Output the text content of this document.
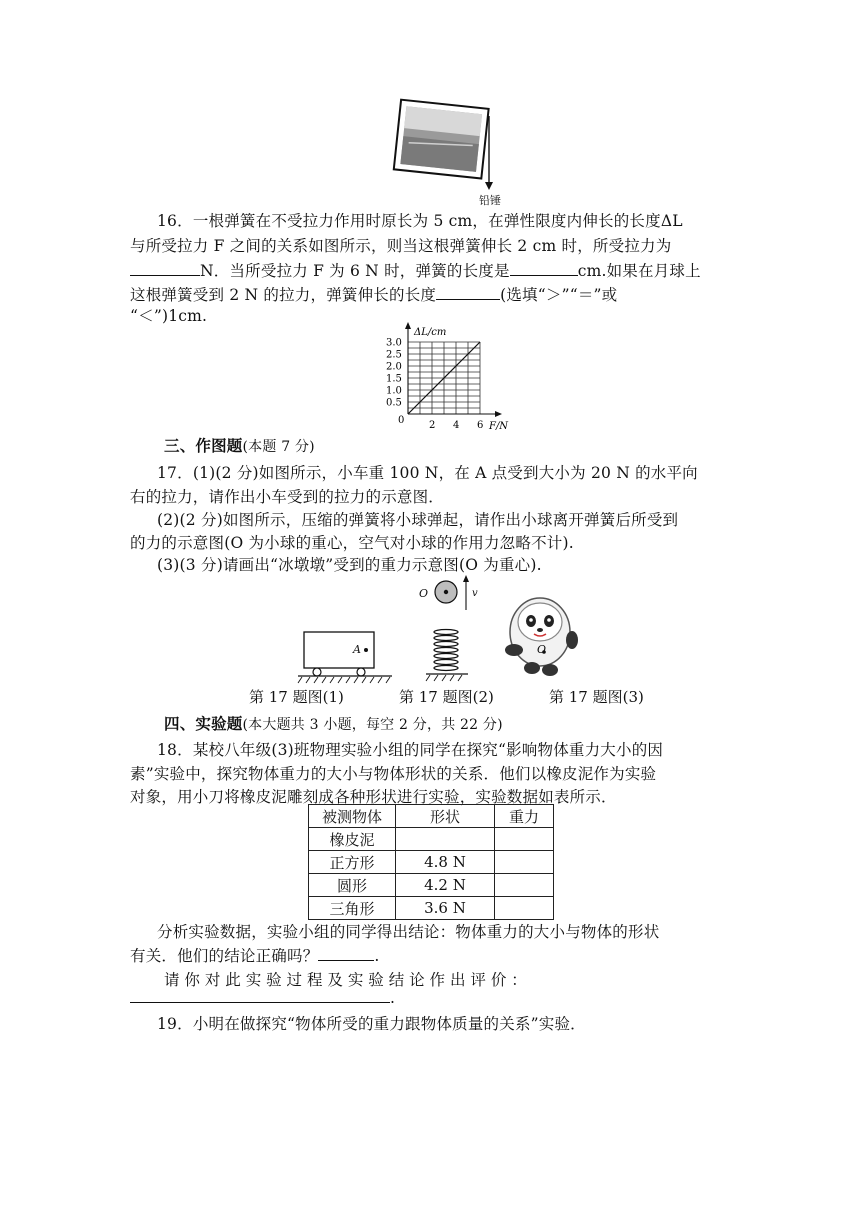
铅锤
16．一根弹簧在不受拉力作用时原长为 5 cm，在弹性限度内伸长的长度ΔL
与所受拉力 F 之间的关系如图所示，则当这根弹簧伸长 2 cm 时，所受拉力为
N．当所受拉力 F 为 6 N 时，弹簧的长度是	cm.如果在月球上
这根弹簧受到 2 N 的拉力，弹簧伸长的长度	(选填“＞”“＝”或
“＜”)1cm.
F/N
ΔL/cm
0 2 4 6
0.5
1.0
1.5
2.0
2.5
3.0
三、作图题(本题 7 分)
17．(1)(2 分)如图所示，小车重 100 N，在 A 点受到大小为 20 N 的水平向
右的拉力，请作出小车受到的拉力的示意图．
(2)(2 分)如图所示，压缩的弹簧将小球弹起，请作出小球离开弹簧后所受到
的力的示意图(O 为小球的重心，空气对小球的作用力忽略不计).
(3)(3 分)请画出“冰墩墩”受到的重力示意图(O 为重心).
A
O	v
O
第 17 题图(1)	第 17 题图(2)	第 17 题图(3)
四、实验题(本大题共 3 小题，每空 2 分，共 22 分)
18．某校八年级(3)班物理实验小组的同学在探究“影响物体重力大小的因
素”实验中，探究物体重力的大小与物体形状的关系．他们以橡皮泥作为实验
对象，用小刀将橡皮泥雕刻成各种形状进行实验，实验数据如表所示．
被测物体	形状	重力
橡皮泥		
正方形	4.8 N	
圆形	4.2 N	
三角形	3.6 N	
分析实验数据，实验小组的同学得出结论：物体重力的大小与物体的形状
有关．他们的结论正确吗？	.
请 你 对 此 实 验 过 程 及 实 验 结 论 作 出 评 价 ：
.
19．小明在做探究“物体所受的重力跟物体质量的关系”实验．
